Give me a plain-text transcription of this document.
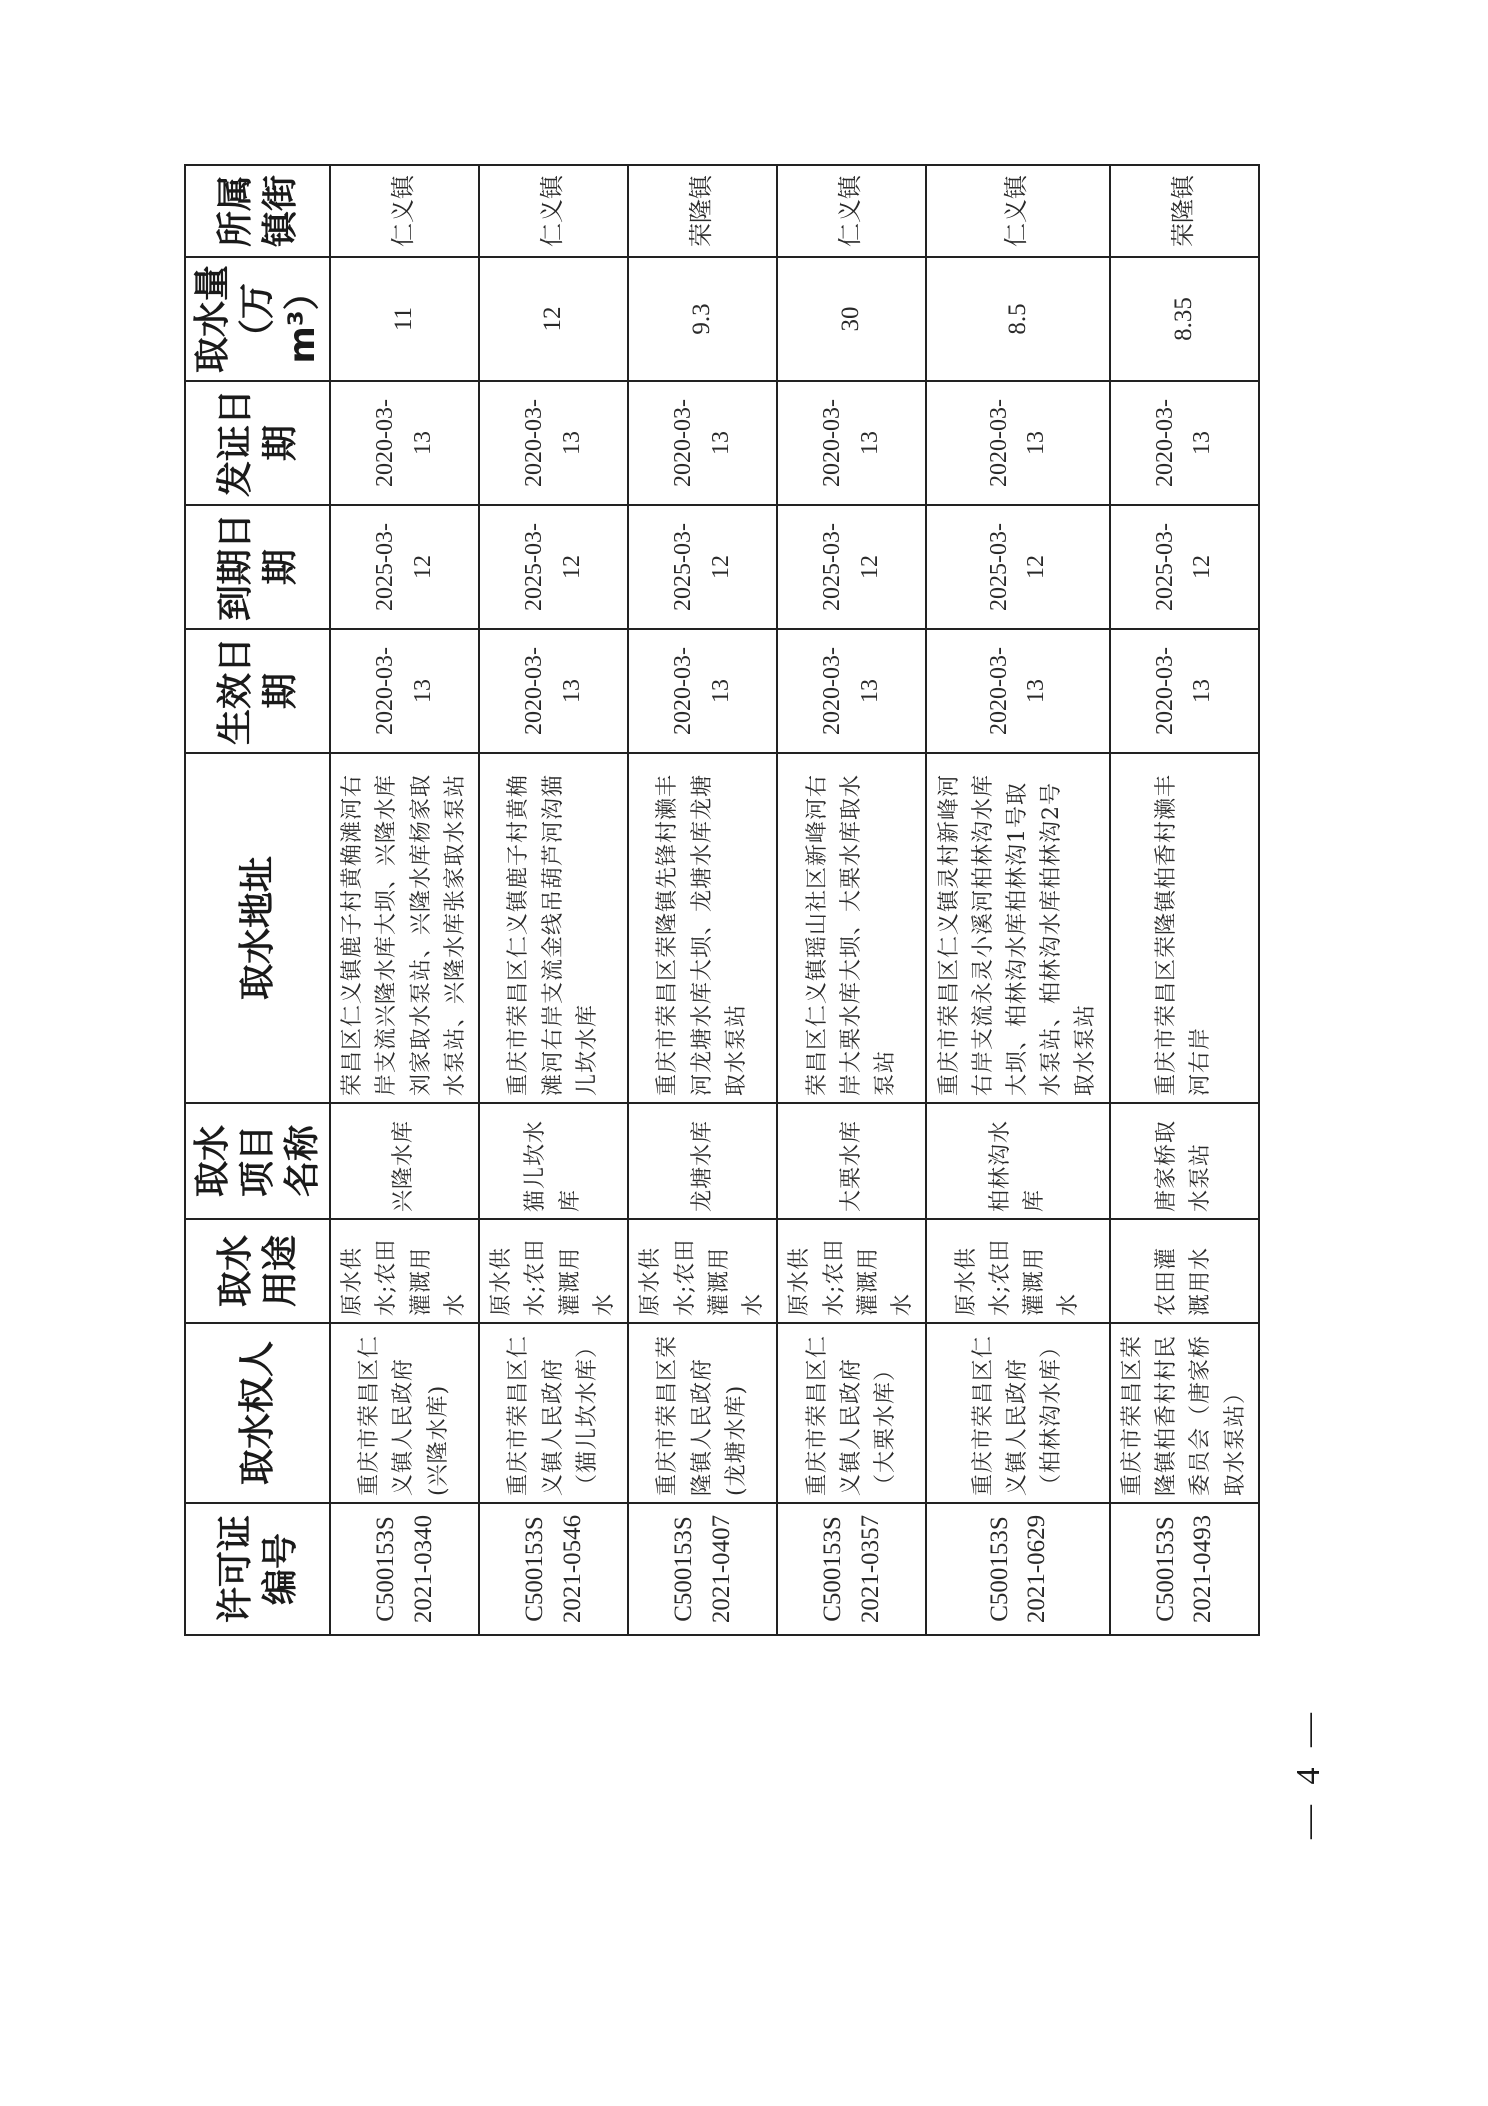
许可证编号	取水权人	取水用途	取水项目名称	取水地址	生效日期	到期日期	发证日期	取水量（万m³）	所属镇街
C500153S2021-0340	重庆市荣昌区仁义镇人民政府(兴隆水库)	原水供水;农田灌溉用水	兴隆水库	荣昌区仁义镇鹿子村黄桷滩河右岸支流兴隆水库大坝、兴隆水库刘家取水泵站、兴隆水库杨家取水泵站、兴隆水库张家取水泵站	2020-03-13	2025-03-12	2020-03-13	11	仁义镇
C500153S2021-0546	重庆市荣昌区仁义镇人民政府（猫儿坎水库）	原水供水;农田灌溉用水	猫儿坎水库	重庆市荣昌区仁义镇鹿子村黄桷滩河右岸支流金线吊葫芦河沟猫儿坎水库	2020-03-13	2025-03-12	2020-03-13	12	仁义镇
C500153S2021-0407	重庆市荣昌区荣隆镇人民政府(龙塘水库)	原水供水;农田灌溉用水	龙塘水库	重庆市荣昌区荣隆镇先锋村濑丰河龙塘水库大坝、龙塘水库龙塘取水泵站	2020-03-13	2025-03-12	2020-03-13	9.3	荣隆镇
C500153S2021-0357	重庆市荣昌区仁义镇人民政府（大栗水库）	原水供水;农田灌溉用水	大栗水库	荣昌区仁义镇瑶山社区新峰河右岸大栗水库大坝、大栗水库取水泵站	2020-03-13	2025-03-12	2020-03-13	30	仁义镇
C500153S2021-0629	重庆市荣昌区仁义镇人民政府（柏林沟水库）	原水供水;农田灌溉用水	柏林沟水库	重庆市荣昌区仁义镇灵村新峰河右岸支流永灵小溪河柏林沟水库大坝、柏林沟水库柏林沟1号取水泵站、柏林沟水库柏林沟2号取水泵站	2020-03-13	2025-03-12	2020-03-13	8.5	仁义镇
C500153S2021-0493	重庆市荣昌区荣隆镇柏香村村民委员会（唐家桥取水泵站）	农田灌溉用水	唐家桥取水泵站	重庆市荣昌区荣隆镇柏香村濑丰河右岸	2020-03-13	2025-03-12	2020-03-13	8.35	荣隆镇
— 4 —
